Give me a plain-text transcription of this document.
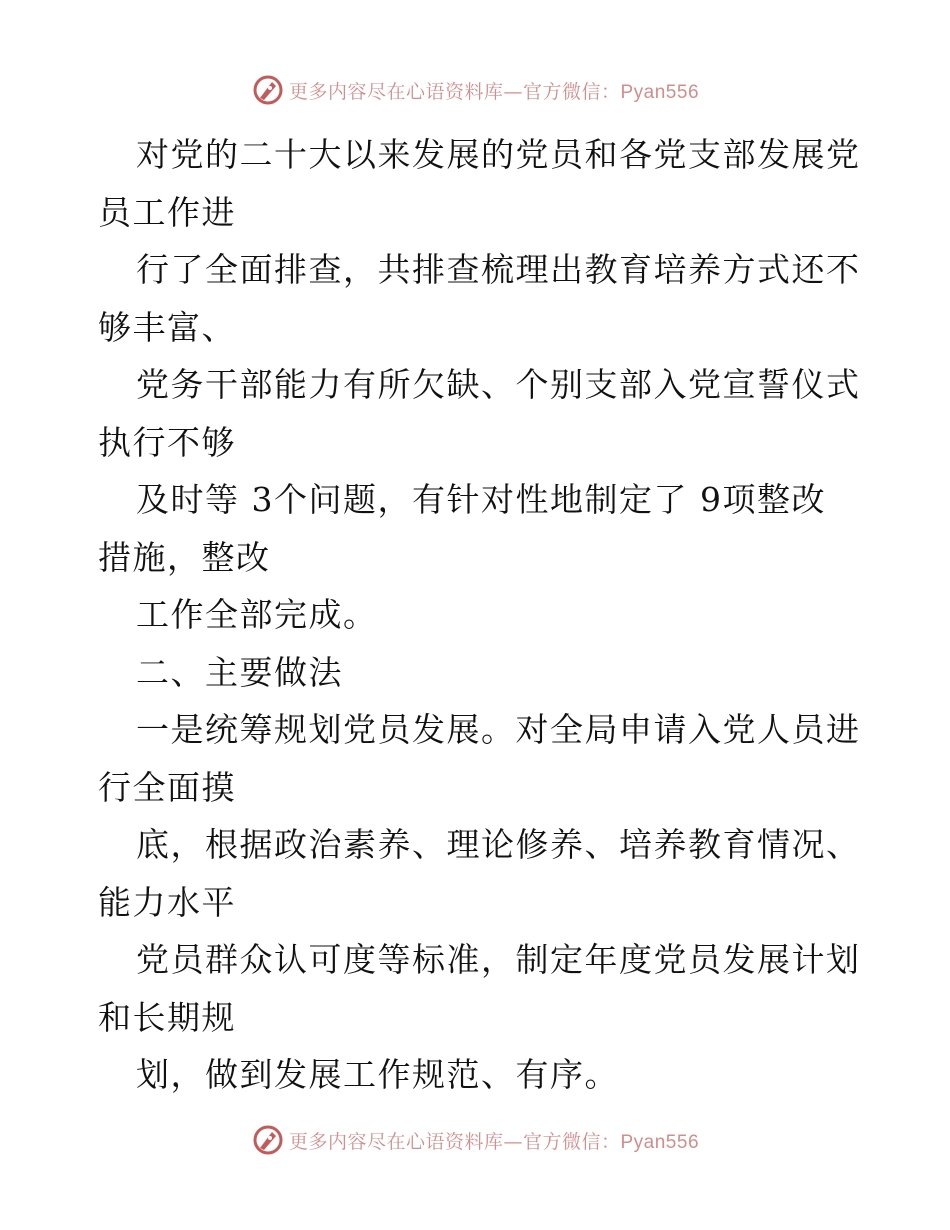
更多内容尽在心语资料库—官方微信：Pyan556
对党的二十大以来发展的党员和各党支部发展党
员工作进
行了全面排查，共排查梳理出教育培养方式还不
够丰富、
党务干部能力有所欠缺、个别支部入党宣誓仪式
执行不够
及时等 3个问题，有针对性地制定了 9项整改
措施，整改
工作全部完成。
二、主要做法
一是统筹规划党员发展。对全局申请入党人员进
行全面摸
底，根据政治素养、理论修养、培养教育情况、
能力水平
党员群众认可度等标准，制定年度党员发展计划
和长期规
划，做到发展工作规范、有序。
更多内容尽在心语资料库—官方微信：Pyan556
